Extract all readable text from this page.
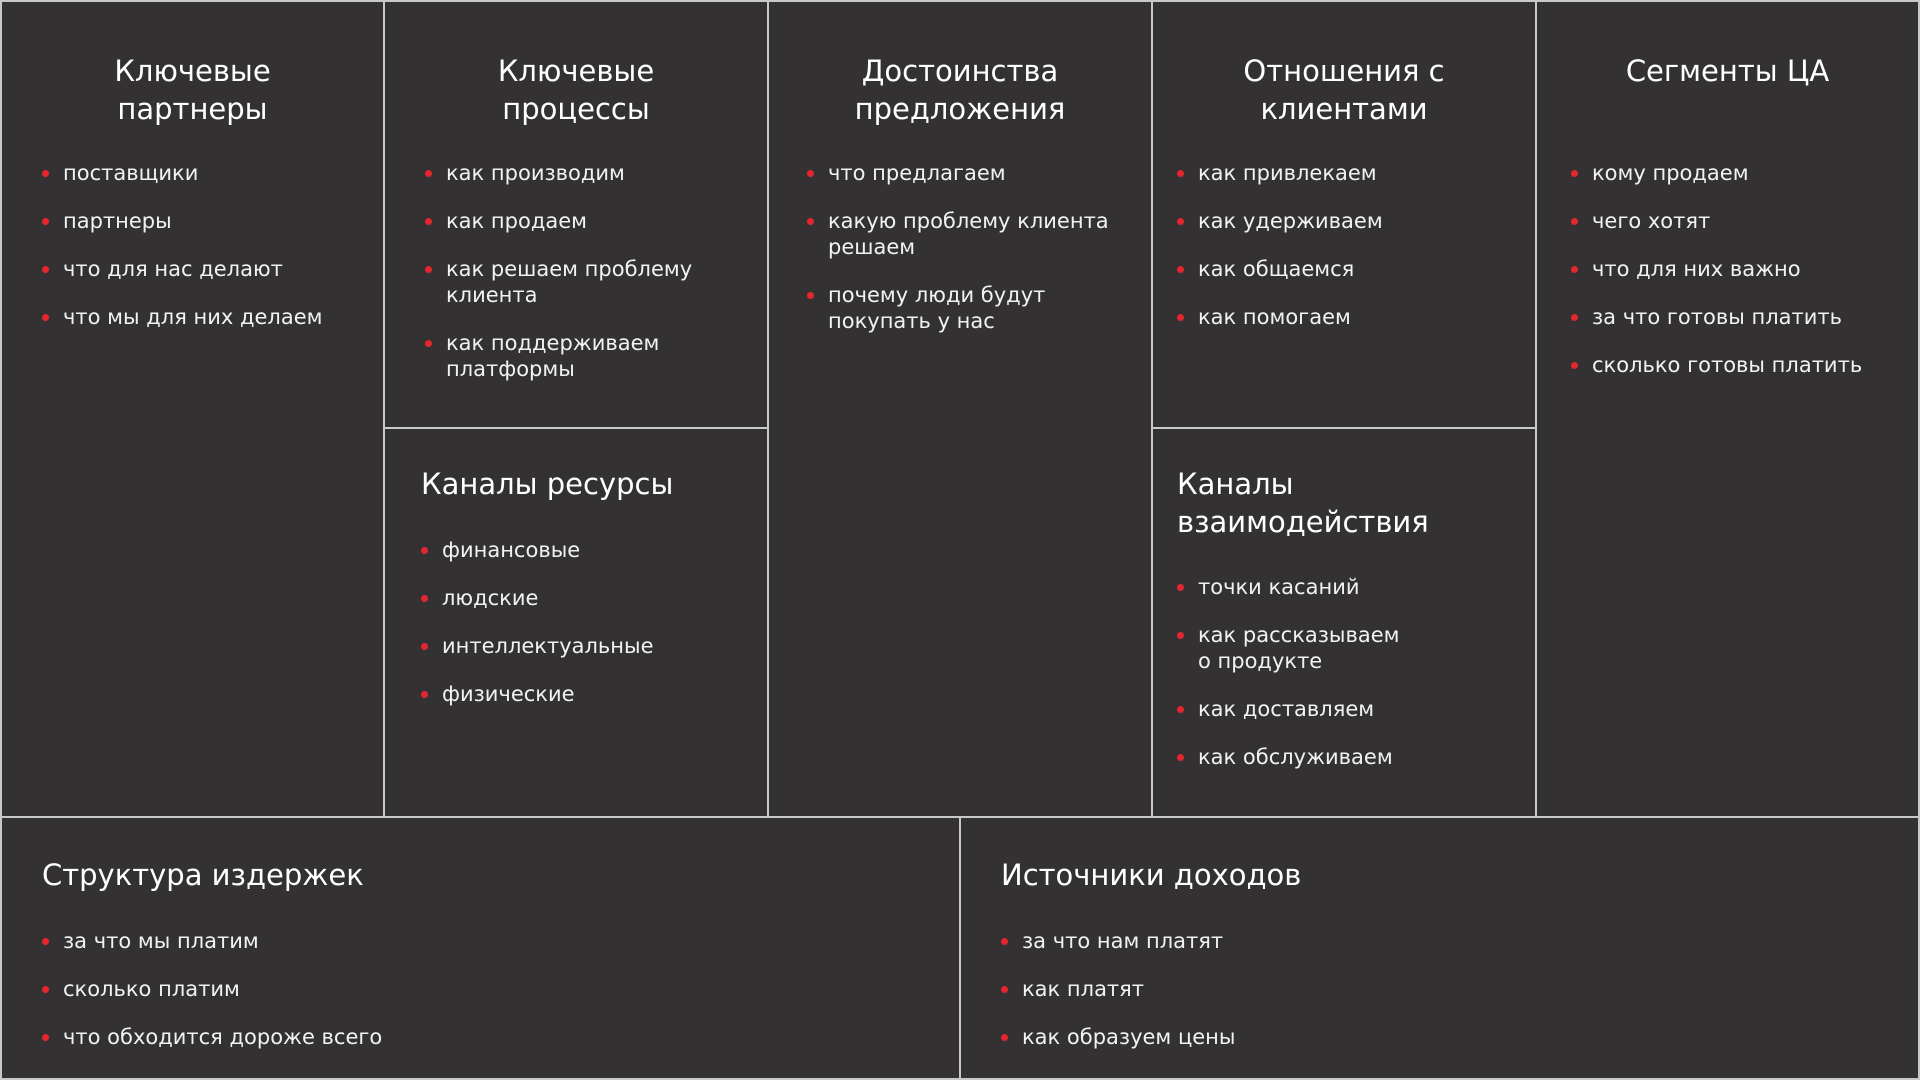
Ключевые
партнеры
поставщики
партнеры
что для нас делают
что мы для них делаем
Ключевые
процессы
как производим
как продаем
как решаем проблему
клиента
как поддерживаем
платформы
Каналы ресурсы
финансовые
людские
интеллектуальные
физические
Достоинства
предложения
что предлагаем
какую проблему клиента
решаем
почему люди будут
покупать у нас
Отношения с
клиентами
как привлекаем
как удерживаем
как общаемся
как помогаем
Каналы
взаимодействия
точки касаний
как рассказываем
о продукте
как доставляем
как обслуживаем
Сегменты ЦА
кому продаем
чего хотят
что для них важно
за что готовы платить
сколько готовы платить
Структура издержек
за что мы платим
сколько платим
что обходится дороже всего
Источники доходов
за что нам платят
как платят
как образуем цены
